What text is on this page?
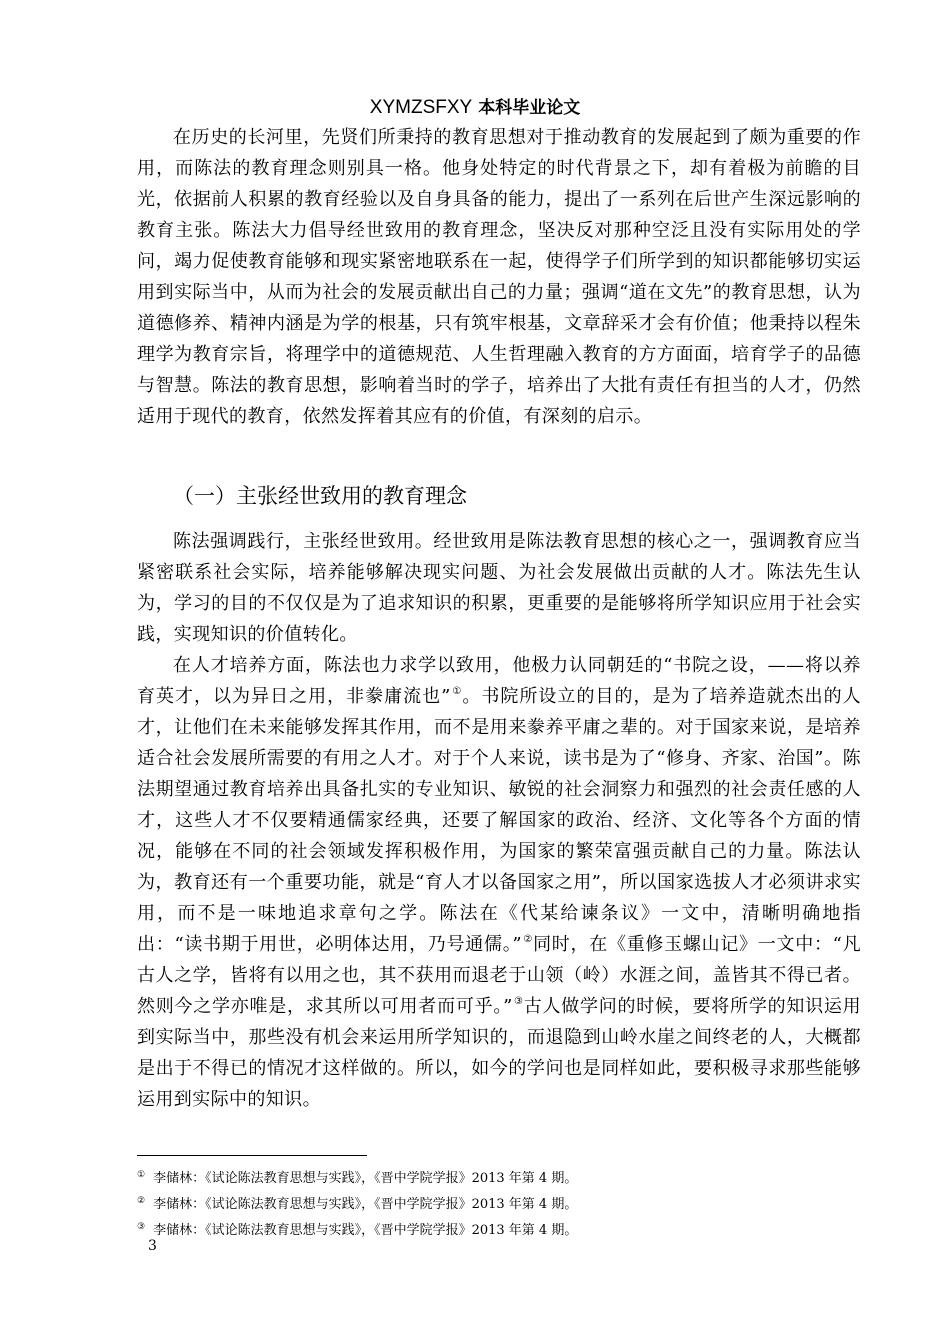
XYMZSFXY 本科毕业论文

在历史的长河里，先贤们所秉持的教育思想对于推动教育的发展起到了颇为重要的作用，而陈法的教育理念则别具一格。他身处特定的时代背景之下，却有着极为前瞻的目光，依据前人积累的教育经验以及自身具备的能力，提出了一系列在后世产生深远影响的教育主张。陈法大力倡导经世致用的教育理念，坚决反对那种空泛且没有实际用处的学问，竭力促使教育能够和现实紧密地联系在一起，使得学子们所学到的知识都能够切实运用到实际当中，从而为社会的发展贡献出自己的力量；强调“道在文先”的教育思想，认为道德修养、精神内涵是为学的根基，只有筑牢根基，文章辞采才会有价值；他秉持以程朱理学为教育宗旨，将理学中的道德规范、人生哲理融入教育的方方面面，培育学子的品德与智慧。陈法的教育思想，影响着当时的学子，培养出了大批有责任有担当的人才，仍然适用于现代的教育，依然发挥着其应有的价值，有深刻的启示。

（一）主张经世致用的教育理念

陈法强调践行，主张经世致用。经世致用是陈法教育思想的核心之一，强调教育应当紧密联系社会实际，培养能够解决现实问题、为社会发展做出贡献的人才。陈法先生认为，学习的目的不仅仅是为了追求知识的积累，更重要的是能够将所学知识应用于社会实践，实现知识的价值转化。

在人才培养方面，陈法也力求学以致用，他极力认同朝廷的“书院之设，——将以养育英才，以为异日之用，非豢庸流也”①。书院所设立的目的，是为了培养造就杰出的人才，让他们在未来能够发挥其作用，而不是用来豢养平庸之辈的。对于国家来说，是培养适合社会发展所需要的有用之人才。对于个人来说，读书是为了“修身、齐家、治国”。陈法期望通过教育培养出具备扎实的专业知识、敏锐的社会洞察力和强烈的社会责任感的人才，这些人才不仅要精通儒家经典，还要了解国家的政治、经济、文化等各个方面的情况，能够在不同的社会领域发挥积极作用，为国家的繁荣富强贡献自己的力量。陈法认为，教育还有一个重要功能，就是“育人才以备国家之用”，所以国家选拔人才必须讲求实用，而不是一味地追求章句之学。陈法在《代某给谏条议》一文中，清晰明确地指出：“读书期于用世，必明体达用，乃号通儒。”②同时，在《重修玉螺山记》一文中：“凡古人之学，皆将有以用之也，其不获用而退老于山领（岭）水涯之间，盖皆其不得已者。然则今之学亦唯是，求其所以可用者而可乎。”③古人做学问的时候，要将所学的知识运用到实际当中，那些没有机会来运用所学知识的，而退隐到山岭水崖之间终老的人，大概都是出于不得已的情况才这样做的。所以，如今的学问也是同样如此，要积极寻求那些能够运用到实际中的知识。

① 李储林：《试论陈法教育思想与实践》，《晋中学院学报》2013 年第 4 期。
② 李储林：《试论陈法教育思想与实践》，《晋中学院学报》2013 年第 4 期。
③ 李储林：《试论陈法教育思想与实践》，《晋中学院学报》2013 年第 4 期。
3
